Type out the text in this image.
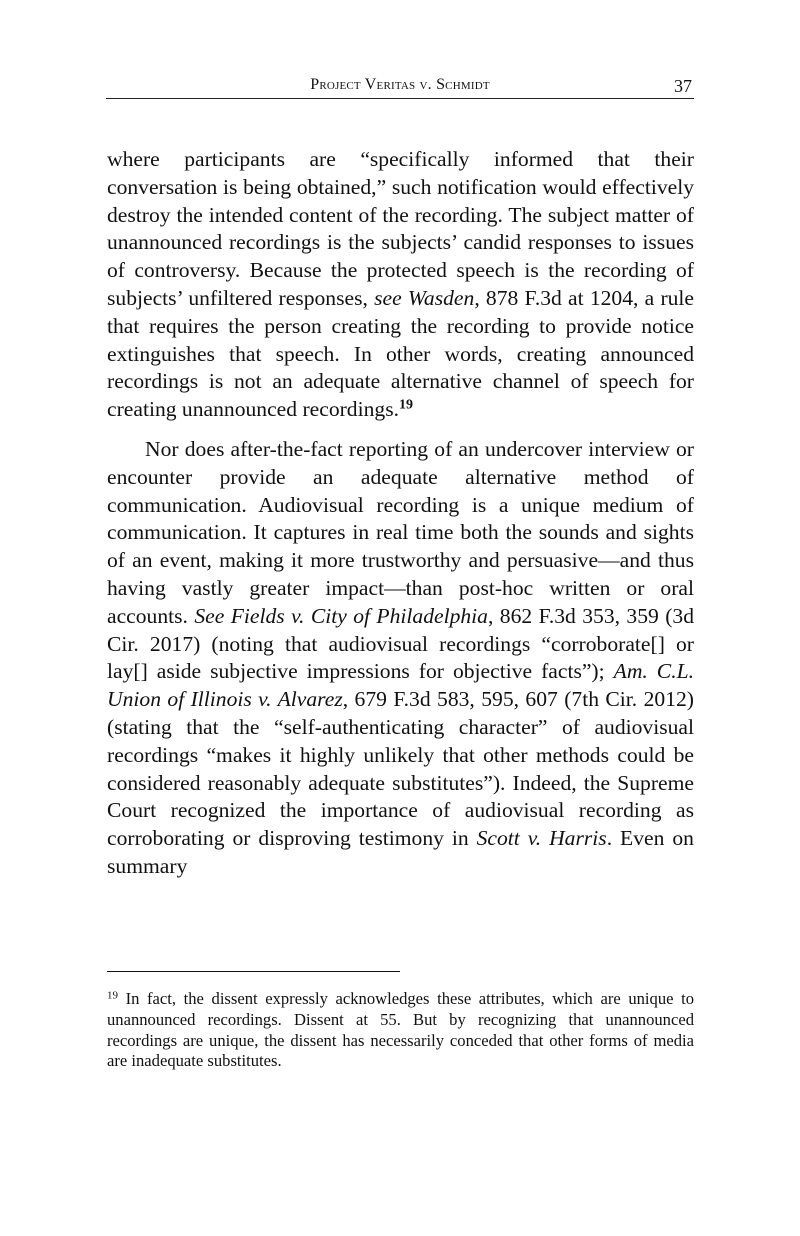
Project Veritas v. Schmidt	37

where participants are “specifically informed that their conversation is being obtained,” such notification would effectively destroy the intended content of the recording. The subject matter of unannounced recordings is the subjects’ candid responses to issues of controversy. Because the protected speech is the recording of subjects’ unfiltered responses, see Wasden, 878 F.3d at 1204, a rule that requires the person creating the recording to provide notice extinguishes that speech. In other words, creating announced recordings is not an adequate alternative channel of speech for creating unannounced recordings.$^{19}$

Nor does after-the-fact reporting of an undercover interview or encounter provide an adequate alternative method of communication. Audiovisual recording is a unique medium of communication. It captures in real time both the sounds and sights of an event, making it more trustworthy and persuasive—and thus having vastly greater impact—than post-hoc written or oral accounts. See Fields v. City of Philadelphia, 862 F.3d 353, 359 (3d Cir. 2017) (noting that audiovisual recordings “corroborate[] or lay[] aside subjective impressions for objective facts”); Am. C.L. Union of Illinois v. Alvarez, 679 F.3d 583, 595, 607 (7th Cir. 2012) (stating that the “self-authenticating character” of audiovisual recordings “makes it highly unlikely that other methods could be considered reasonably adequate substitutes”). Indeed, the Supreme Court recognized the importance of audiovisual recording as corroborating or disproving testimony in Scott v. Harris. Even on summary

$^{19}$ In fact, the dissent expressly acknowledges these attributes, which are unique to unannounced recordings. Dissent at 55. But by recognizing that unannounced recordings are unique, the dissent has necessarily conceded that other forms of media are inadequate substitutes.
